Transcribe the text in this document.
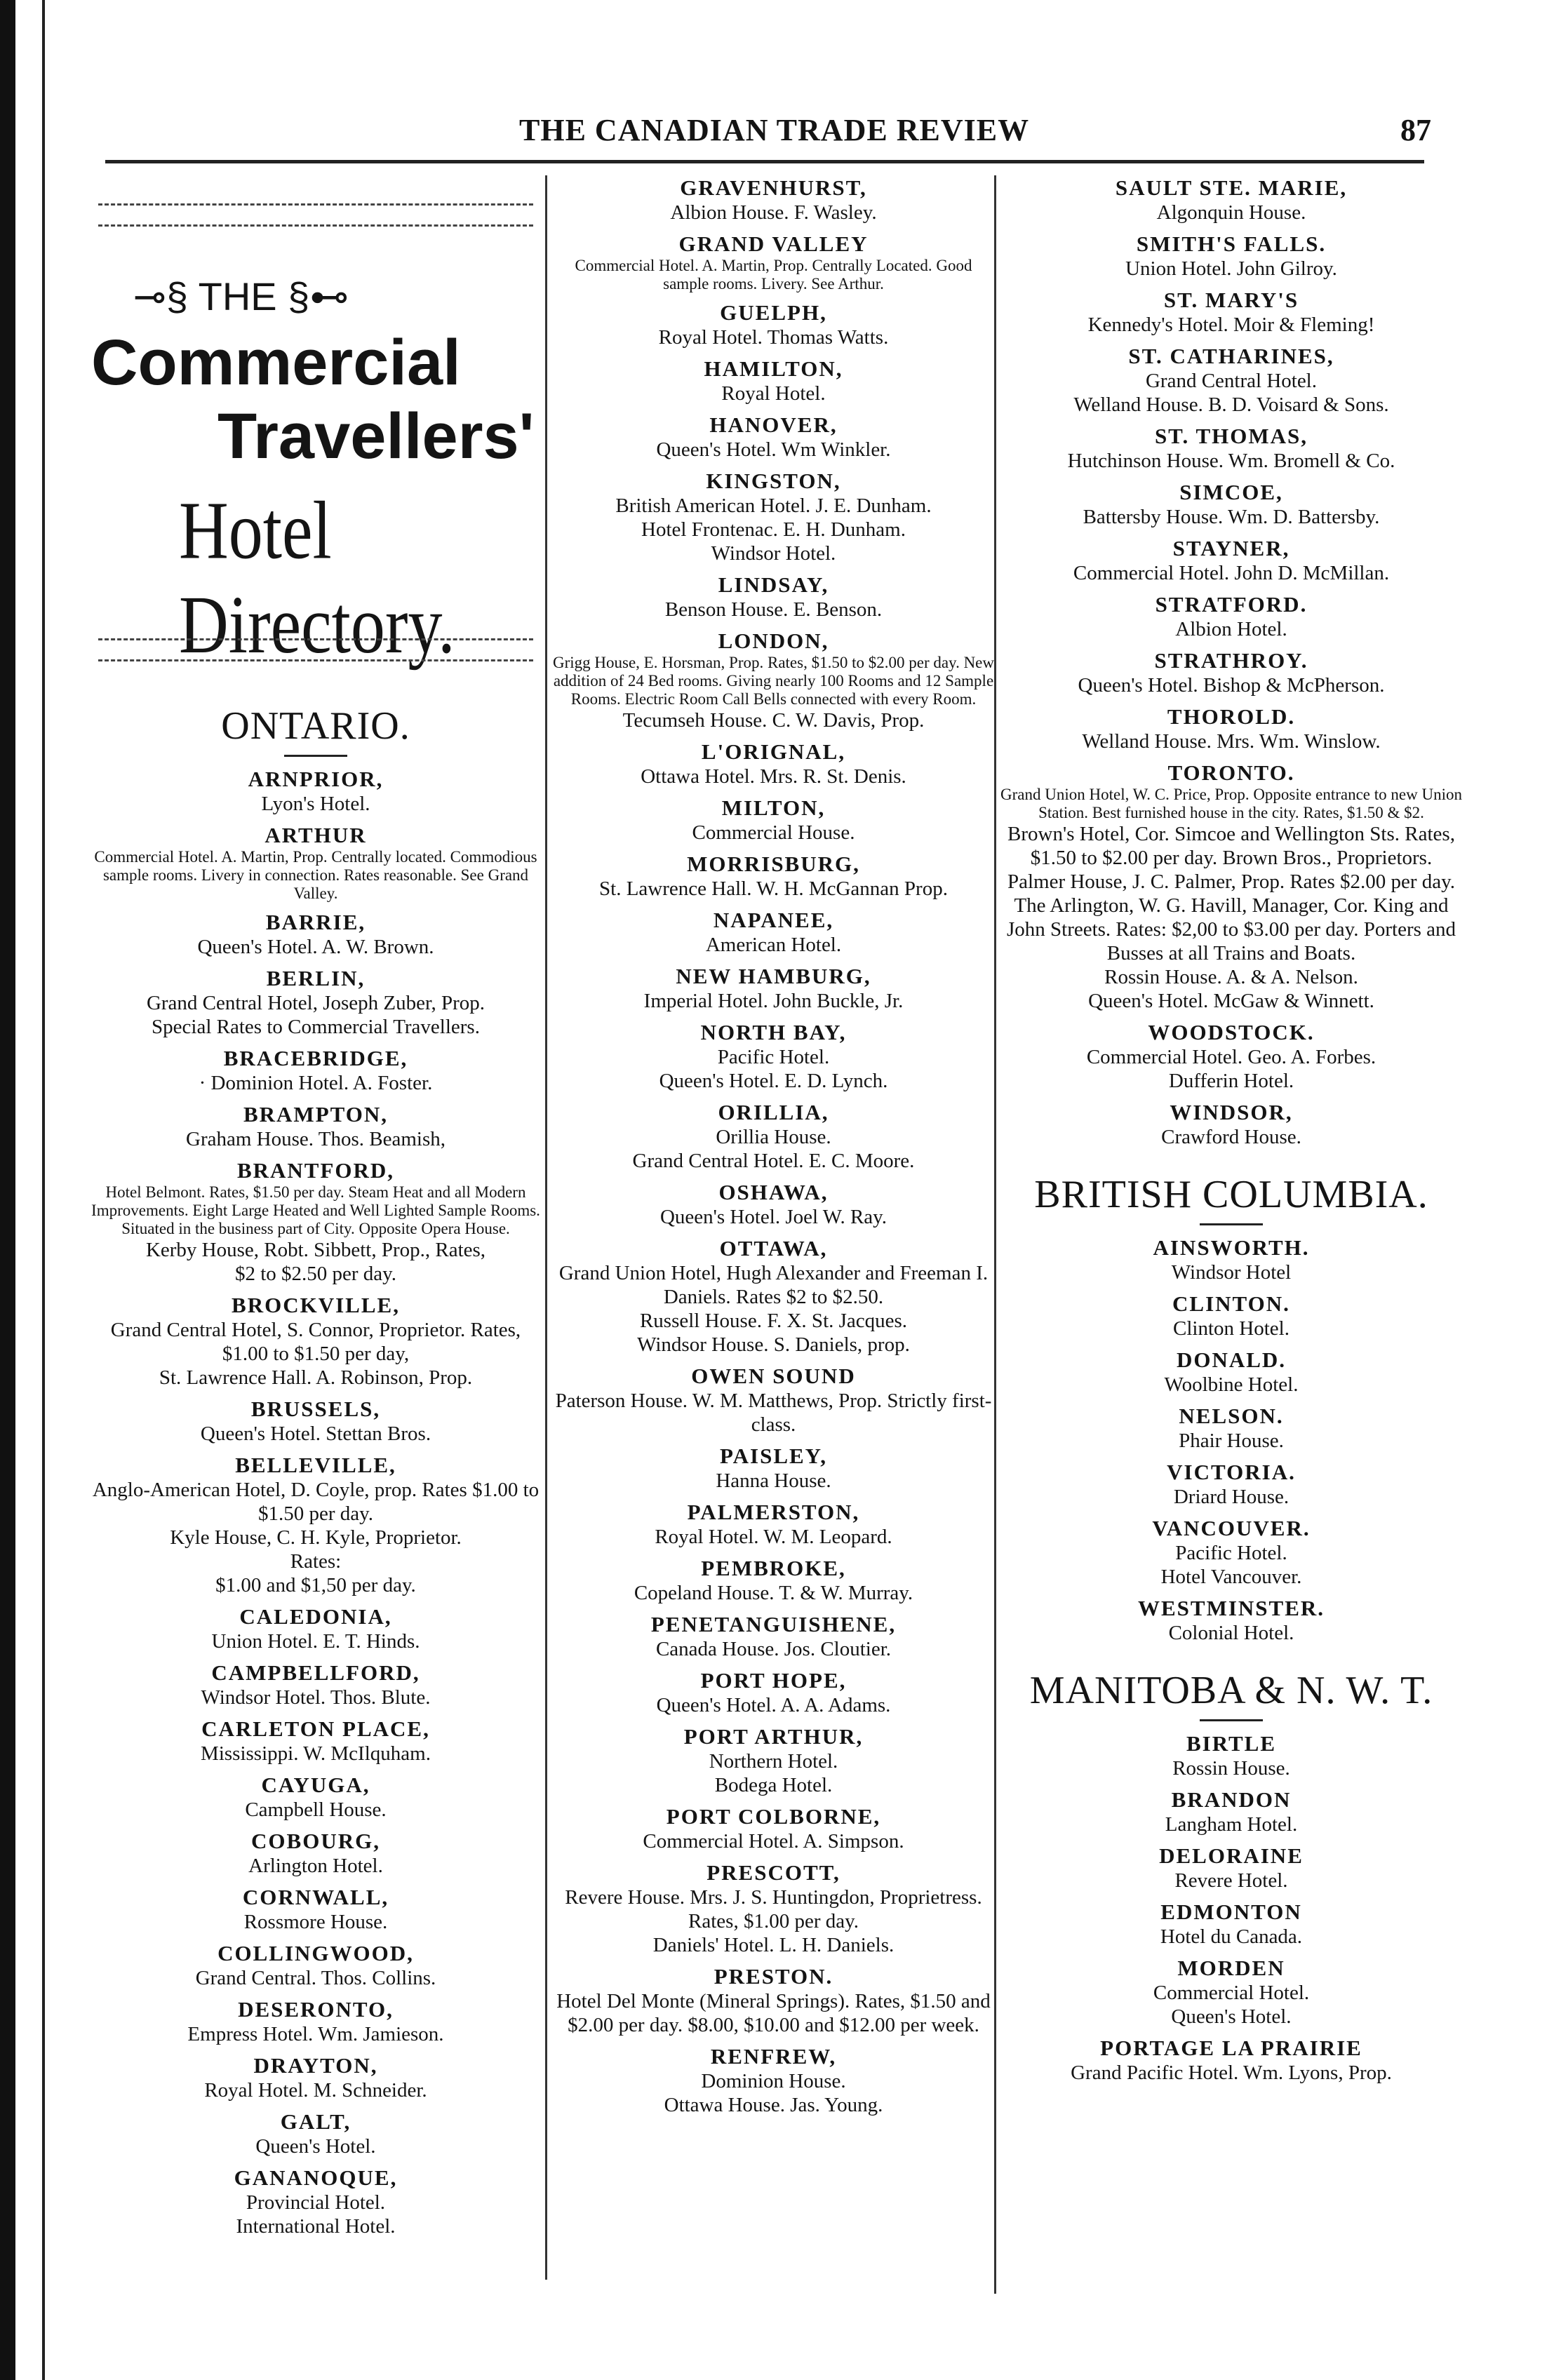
THE CANADIAN TRADE REVIEW	87
⊸§ THE §⊷
Commercial
Travellers'
Hotel Directory.
ONTARIO.
ARNPRIOR,
Lyon's Hotel.
ARTHUR
Commercial Hotel. A. Martin, Prop. Centrally located. Commodious sample rooms. Livery in connection. Rates reasonable. See Grand Valley.
BARRIE,
Queen's Hotel. A. W. Brown.
BERLIN,
Grand Central Hotel, Joseph Zuber, Prop.
Special Rates to Commercial Travellers.
BRACEBRIDGE,
· Dominion Hotel. A. Foster.
BRAMPTON,
Graham House. Thos. Beamish,
BRANTFORD,
Hotel Belmont. Rates, $1.50 per day. Steam Heat and all Modern Improvements. Eight Large Heated and Well Lighted Sample Rooms. Situated in the business part of City. Opposite Opera House.
Kerby House, Robt. Sibbett, Prop., Rates,
$2 to $2.50 per day.
BROCKVILLE,
Grand Central Hotel, S. Connor, Proprietor. Rates, $1.00 to $1.50 per day,
St. Lawrence Hall. A. Robinson, Prop.
BRUSSELS,
Queen's Hotel. Stettan Bros.
BELLEVILLE,
Anglo-American Hotel, D. Coyle, prop. Rates $1.00 to $1.50 per day.
Kyle House, C. H. Kyle, Proprietor.
Rates:
$1.00 and $1,50 per day.
CALEDONIA,
Union Hotel. E. T. Hinds.
CAMPBELLFORD,
Windsor Hotel. Thos. Blute.
CARLETON PLACE,
Mississippi. W. McIlquham.
CAYUGA,
Campbell House.
COBOURG,
Arlington Hotel.
CORNWALL,
Rossmore House.
COLLINGWOOD,
Grand Central. Thos. Collins.
DESERONTO,
Empress Hotel. Wm. Jamieson.
DRAYTON,
Royal Hotel. M. Schneider.
GALT,
Queen's Hotel.
GANANOQUE,
Provincial Hotel.
International Hotel.
GRAVENHURST,
Albion House. F. Wasley.
GRAND VALLEY
Commercial Hotel. A. Martin, Prop. Centrally Located. Good sample rooms. Livery. See Arthur.
GUELPH,
Royal Hotel. Thomas Watts.
HAMILTON,
Royal Hotel.
HANOVER,
Queen's Hotel. Wm Winkler.
KINGSTON,
British American Hotel. J. E. Dunham.
Hotel Frontenac. E. H. Dunham.
Windsor Hotel.
LINDSAY,
Benson House. E. Benson.
LONDON,
Grigg House, E. Horsman, Prop. Rates, $1.50 to $2.00 per day. New addition of 24 Bed rooms. Giving nearly 100 Rooms and 12 Sample Rooms. Electric Room Call Bells connected with every Room.
Tecumseh House. C. W. Davis, Prop.
L'ORIGNAL,
Ottawa Hotel. Mrs. R. St. Denis.
MILTON,
Commercial House.
MORRISBURG,
St. Lawrence Hall. W. H. McGannan Prop.
NAPANEE,
American Hotel.
NEW HAMBURG,
Imperial Hotel. John Buckle, Jr.
NORTH BAY,
Pacific Hotel.
Queen's Hotel. E. D. Lynch.
ORILLIA,
Orillia House.
Grand Central Hotel. E. C. Moore.
OSHAWA,
Queen's Hotel. Joel W. Ray.
OTTAWA,
Grand Union Hotel, Hugh Alexander and Freeman I. Daniels. Rates $2 to $2.50.
Russell House. F. X. St. Jacques.
Windsor House. S. Daniels, prop.
OWEN SOUND
Paterson House. W. M. Matthews, Prop. Strictly first-class.
PAISLEY,
Hanna House.
PALMERSTON,
Royal Hotel. W. M. Leopard.
PEMBROKE,
Copeland House. T. & W. Murray.
PENETANGUISHENE,
Canada House. Jos. Cloutier.
PORT HOPE,
Queen's Hotel. A. A. Adams.
PORT ARTHUR,
Northern Hotel.
Bodega Hotel.
PORT COLBORNE,
Commercial Hotel. A. Simpson.
PRESCOTT,
Revere House. Mrs. J. S. Huntingdon, Proprietress. Rates, $1.00 per day.
Daniels' Hotel. L. H. Daniels.
PRESTON.
Hotel Del Monte (Mineral Springs). Rates, $1.50 and $2.00 per day. $8.00, $10.00 and $12.00 per week.
RENFREW,
Dominion House.
Ottawa House. Jas. Young.
SAULT STE. MARIE,
Algonquin House.
SMITH'S FALLS.
Union Hotel. John Gilroy.
ST. MARY'S
Kennedy's Hotel. Moir & Fleming!
ST. CATHARINES,
Grand Central Hotel.
Welland House. B. D. Voisard & Sons.
ST. THOMAS,
Hutchinson House. Wm. Bromell & Co.
SIMCOE,
Battersby House. Wm. D. Battersby.
STAYNER,
Commercial Hotel. John D. McMillan.
STRATFORD.
Albion Hotel.
STRATHROY.
Queen's Hotel. Bishop & McPherson.
THOROLD.
Welland House. Mrs. Wm. Winslow.
TORONTO.
Grand Union Hotel, W. C. Price, Prop. Opposite entrance to new Union Station. Best furnished house in the city. Rates, $1.50 & $2.
Brown's Hotel, Cor. Simcoe and Wellington Sts. Rates, $1.50 to $2.00 per day. Brown Bros., Proprietors.
Palmer House, J. C. Palmer, Prop. Rates $2.00 per day.
The Arlington, W. G. Havill, Manager, Cor. King and John Streets. Rates: $2,00 to $3.00 per day. Porters and Busses at all Trains and Boats.
Rossin House. A. & A. Nelson.
Queen's Hotel. McGaw & Winnett.
WOODSTOCK.
Commercial Hotel. Geo. A. Forbes.
Dufferin Hotel.
WINDSOR,
Crawford House.
BRITISH COLUMBIA.
AINSWORTH.
Windsor Hotel
CLINTON.
Clinton Hotel.
DONALD.
Woolbine Hotel.
NELSON.
Phair House.
VICTORIA.
Driard House.
VANCOUVER.
Pacific Hotel.
Hotel Vancouver.
WESTMINSTER.
Colonial Hotel.
MANITOBA & N. W. T.
BIRTLE
Rossin House.
BRANDON
Langham Hotel.
DELORAINE
Revere Hotel.
EDMONTON
Hotel du Canada.
MORDEN
Commercial Hotel.
Queen's Hotel.
PORTAGE LA PRAIRIE
Grand Pacific Hotel. Wm. Lyons, Prop.
